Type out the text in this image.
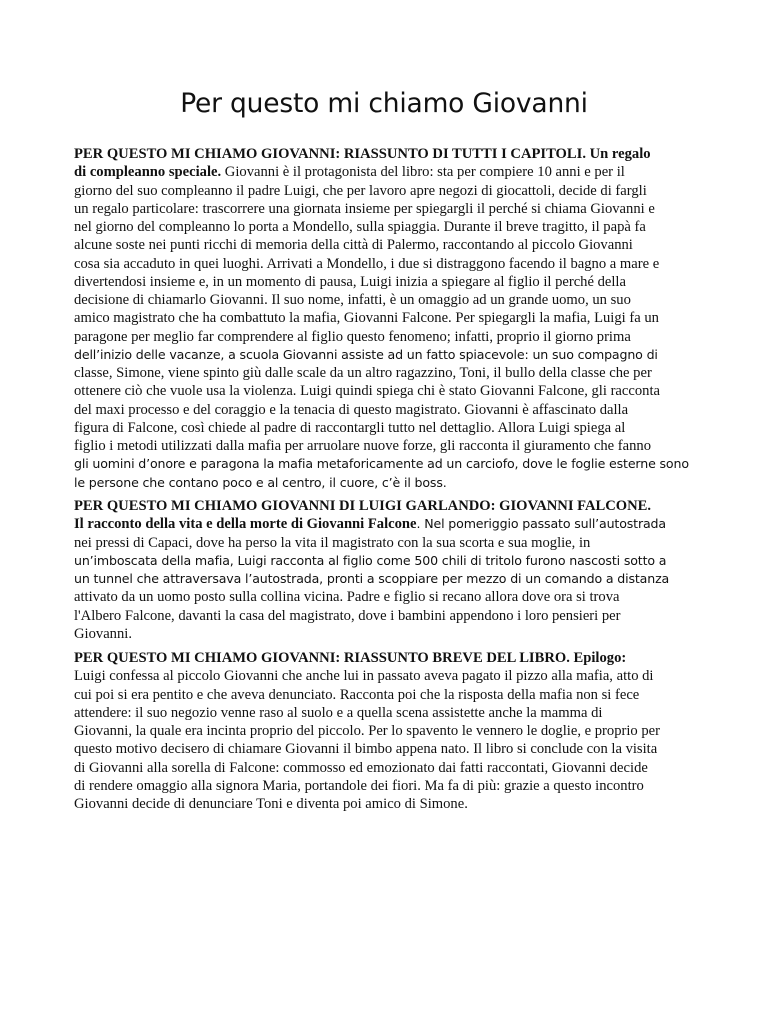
Per questo mi chiamo Giovanni
PER QUESTO MI CHIAMO GIOVANNI: RIASSUNTO DI TUTTI I CAPITOLI. Un regalo
di compleanno speciale. Giovanni è il protagonista del libro: sta per compiere 10 anni e per il
giorno del suo compleanno il padre Luigi, che per lavoro apre negozi di giocattoli, decide di fargli
un regalo particolare: trascorrere una giornata insieme per spiegargli il perché si chiama Giovanni e
nel giorno del compleanno lo porta a Mondello, sulla spiaggia. Durante il breve tragitto, il papà fa
alcune soste nei punti ricchi di memoria della città di Palermo, raccontando al piccolo Giovanni
cosa sia accaduto in quei luoghi. Arrivati a Mondello, i due si distraggono facendo il bagno a mare e
divertendosi insieme e, in un momento di pausa, Luigi inizia a spiegare al figlio il perché della
decisione di chiamarlo Giovanni. Il suo nome, infatti, è un omaggio ad un grande uomo, un suo
amico magistrato che ha combattuto la mafia, Giovanni Falcone. Per spiegargli la mafia, Luigi fa un
paragone per meglio far comprendere al figlio questo fenomeno; infatti, proprio il giorno prima
dell’inizio delle vacanze, a scuola Giovanni assiste ad un fatto spiacevole: un suo compagno di
classe, Simone, viene spinto giù dalle scale da un altro ragazzino, Toni, il bullo della classe che per
ottenere ciò che vuole usa la violenza. Luigi quindi spiega chi è stato Giovanni Falcone, gli racconta
del maxi processo e del coraggio e la tenacia di questo magistrato. Giovanni è affascinato dalla
figura di Falcone, così chiede al padre di raccontargli tutto nel dettaglio. Allora Luigi spiega al
figlio i metodi utilizzati dalla mafia per arruolare nuove forze, gli racconta il giuramento che fanno
gli uomini d’onore e paragona la mafia metaforicamente ad un carciofo, dove le foglie esterne sono
le persone che contano poco e al centro, il cuore, c’è il boss.
PER QUESTO MI CHIAMO GIOVANNI DI LUIGI GARLANDO: GIOVANNI FALCONE.
Il racconto della vita e della morte di Giovanni Falcone. Nel pomeriggio passato sull’autostrada
nei pressi di Capaci, dove ha perso la vita il magistrato con la sua scorta e sua moglie, in
un’imboscata della mafia, Luigi racconta al figlio come 500 chili di tritolo furono nascosti sotto a
un tunnel che attraversava l’autostrada, pronti a scoppiare per mezzo di un comando a distanza
attivato da un uomo posto sulla collina vicina. Padre e figlio si recano allora dove ora si trova
l'Albero Falcone, davanti la casa del magistrato, dove i bambini appendono i loro pensieri per
Giovanni.
PER QUESTO MI CHIAMO GIOVANNI: RIASSUNTO BREVE DEL LIBRO. Epilogo:
Luigi confessa al piccolo Giovanni che anche lui in passato aveva pagato il pizzo alla mafia, atto di
cui poi si era pentito e che aveva denunciato. Racconta poi che la risposta della mafia non si fece
attendere: il suo negozio venne raso al suolo e a quella scena assistette anche la mamma di
Giovanni, la quale era incinta proprio del piccolo. Per lo spavento le vennero le doglie, e proprio per
questo motivo decisero di chiamare Giovanni il bimbo appena nato. Il libro si conclude con la visita
di Giovanni alla sorella di Falcone: commosso ed emozionato dai fatti raccontati, Giovanni decide
di rendere omaggio alla signora Maria, portandole dei fiori. Ma fa di più: grazie a questo incontro
Giovanni decide di denunciare Toni e diventa poi amico di Simone.
